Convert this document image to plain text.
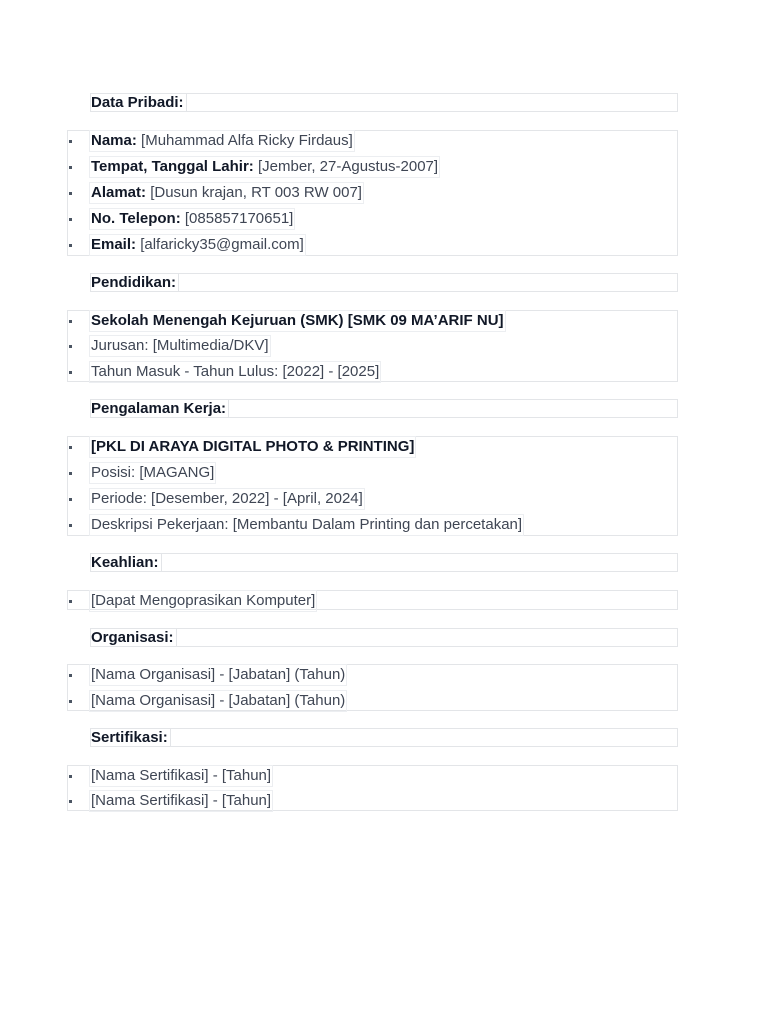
Data Pribadi:
Nama: [Muhammad Alfa Ricky Firdaus]
Tempat, Tanggal Lahir: [Jember, 27-Agustus-2007]
Alamat: [Dusun krajan, RT 003 RW 007]
No. Telepon: [085857170651]
Email: [alfaricky35@gmail.com]
Pendidikan:
Sekolah Menengah Kejuruan (SMK) [SMK 09 MA’ARIF NU]
Jurusan: [Multimedia/DKV]
Tahun Masuk - Tahun Lulus: [2022] - [2025]
Pengalaman Kerja:
[PKL DI ARAYA DIGITAL PHOTO & PRINTING]
Posisi: [MAGANG]
Periode: [Desember, 2022] - [April, 2024]
Deskripsi Pekerjaan: [Membantu Dalam Printing dan percetakan]
Keahlian:
[Dapat Mengoprasikan Komputer]
Organisasi:
[Nama Organisasi] - [Jabatan] (Tahun)
[Nama Organisasi] - [Jabatan] (Tahun)
Sertifikasi:
[Nama Sertifikasi] - [Tahun]
[Nama Sertifikasi] - [Tahun]
